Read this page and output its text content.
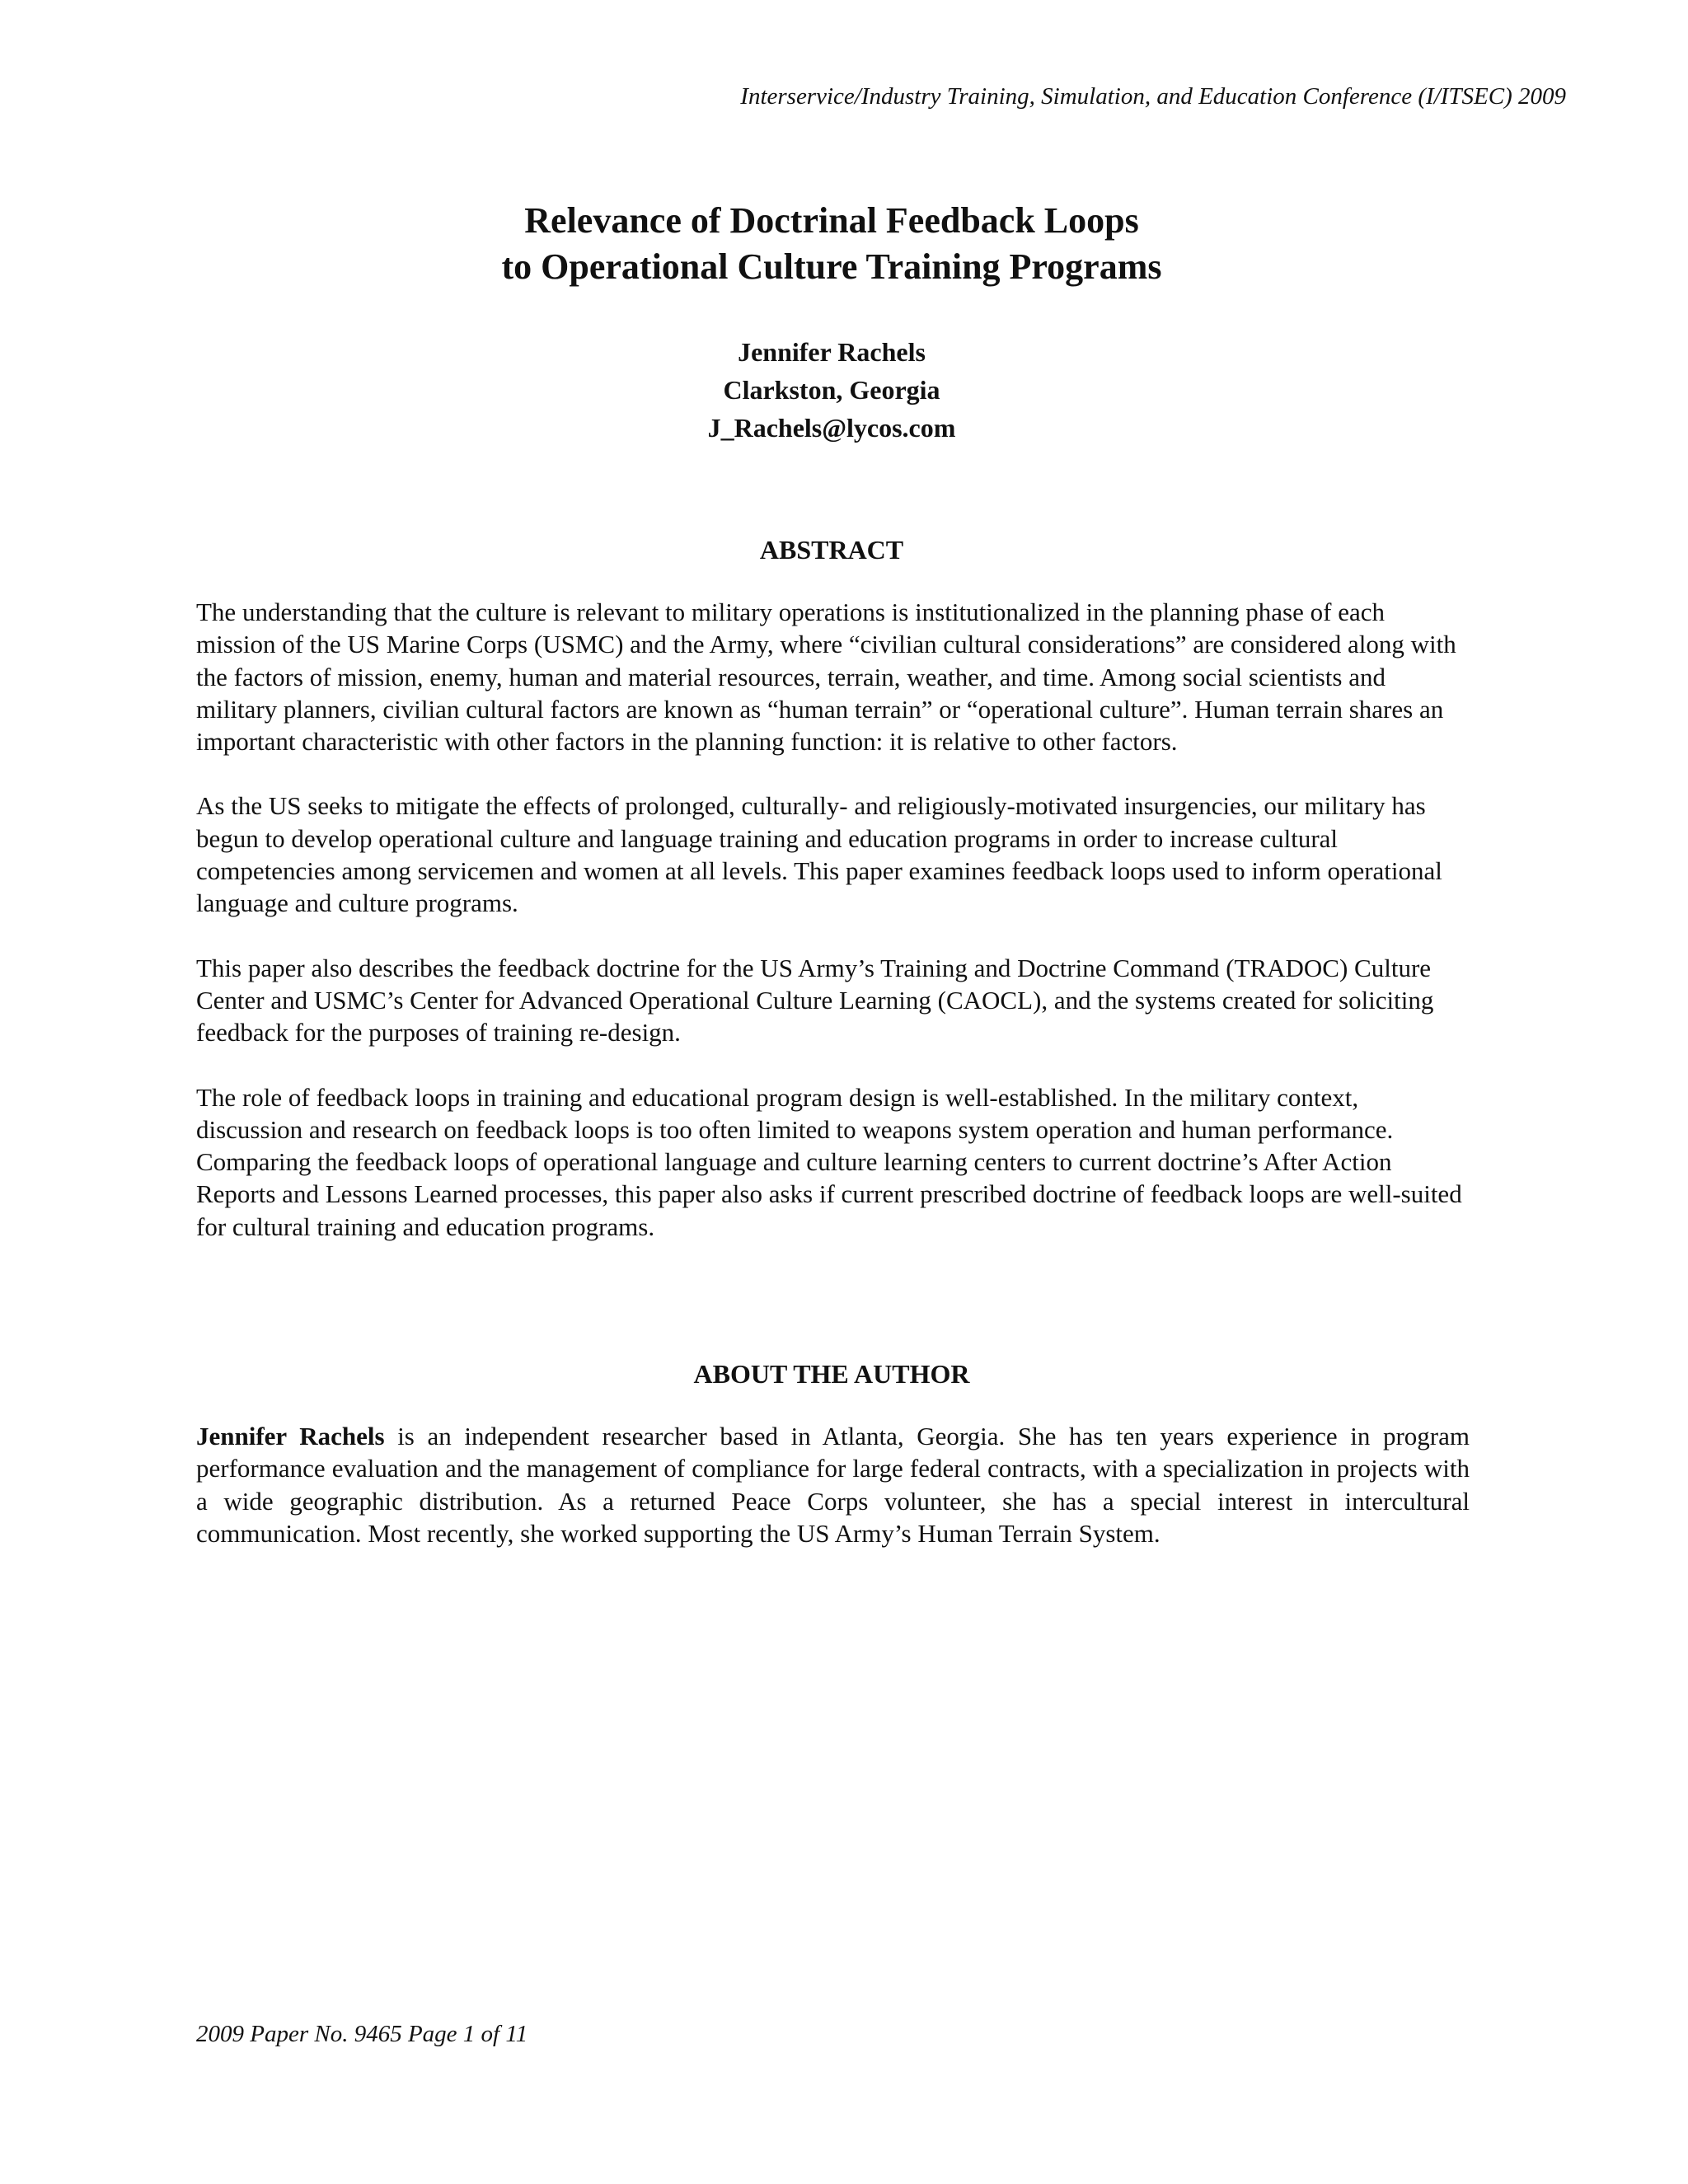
Interservice/Industry Training, Simulation, and Education Conference (I/ITSEC) 2009
Relevance of Doctrinal Feedback Loops
to Operational Culture Training Programs
Jennifer Rachels
Clarkston, Georgia
J_Rachels@lycos.com
ABSTRACT

The understanding that the culture is relevant to military operations is institutionalized in the planning phase of each mission of the US Marine Corps (USMC) and the Army, where “civilian cultural considerations” are considered along with the factors of mission, enemy, human and material resources, terrain, weather, and time. Among social scientists and military planners, civilian cultural factors are known as “human terrain” or “operational culture”. Human terrain shares an important characteristic with other factors in the planning function: it is relative to other factors.

As the US seeks to mitigate the effects of prolonged, culturally- and religiously-motivated insurgencies, our military has begun to develop operational culture and language training and education programs in order to increase cultural competencies among servicemen and women at all levels. This paper examines feedback loops used to inform operational language and culture programs.

This paper also describes the feedback doctrine for the US Army’s Training and Doctrine Command (TRADOC) Culture Center and USMC’s Center for Advanced Operational Culture Learning (CAOCL), and the systems created for soliciting feedback for the purposes of training re-design.

The role of feedback loops in training and educational program design is well-established. In the military context, discussion and research on feedback loops is too often limited to weapons system operation and human performance. Comparing the feedback loops of operational language and culture learning centers to current doctrine’s After Action Reports and Lessons Learned processes, this paper also asks if current prescribed doctrine of feedback loops are well-suited for cultural training and education programs.

ABOUT THE AUTHOR

Jennifer Rachels is an independent researcher based in Atlanta, Georgia. She has ten years experience in program performance evaluation and the management of compliance for large federal contracts, with a specialization in projects with a wide geographic distribution. As a returned Peace Corps volunteer, she has a special interest in intercultural communication. Most recently, she worked supporting the US Army’s Human Terrain System.

2009 Paper No. 9465 Page 1 of 11
